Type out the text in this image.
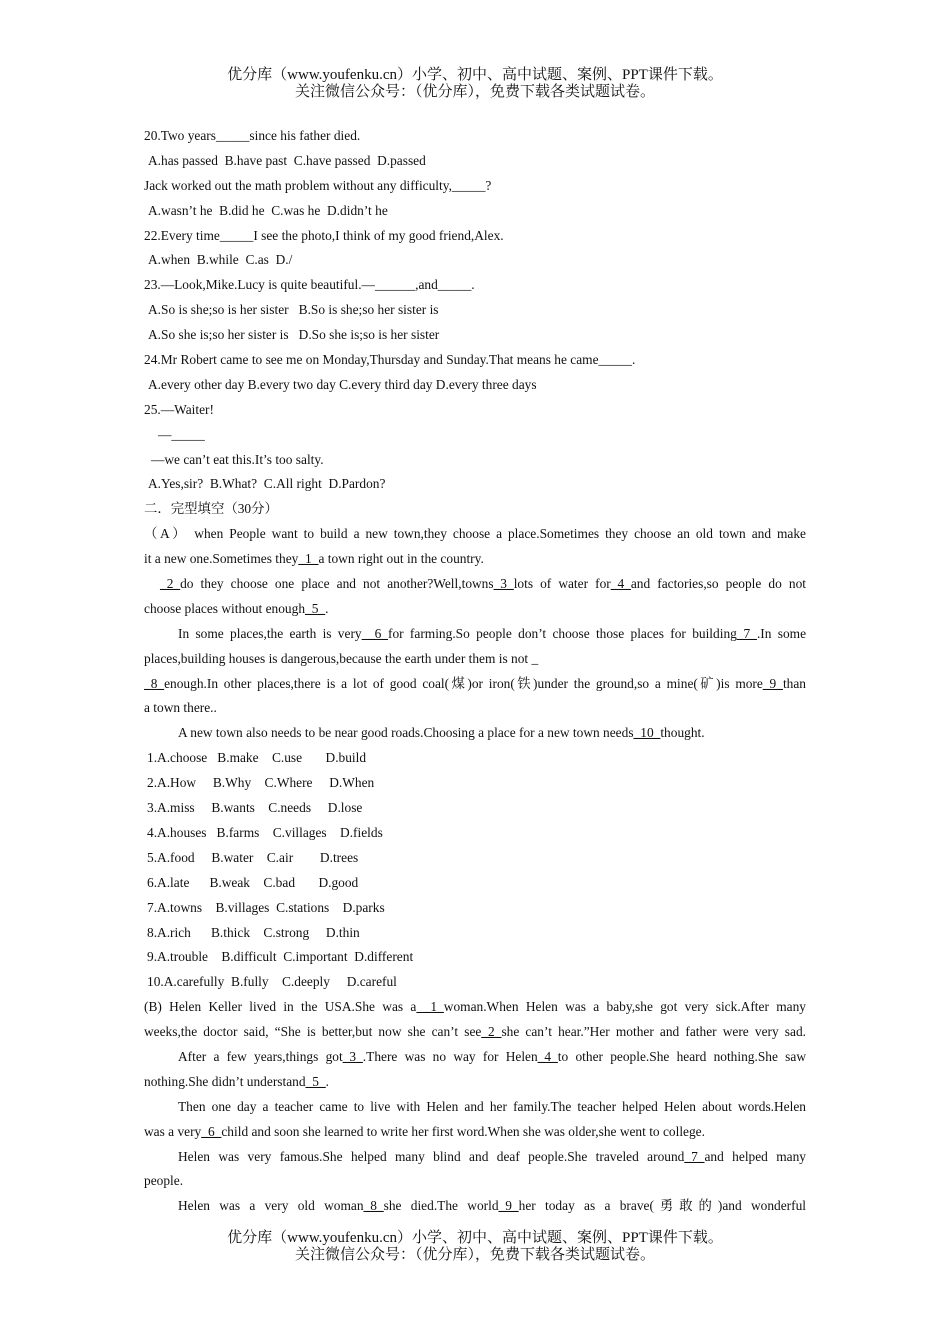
优分库（www.youfenku.cn）小学、初中、高中试题、案例、PPT课件下载。
关注微信公众号：（优分库），免费下载各类试题试卷。
20.Two years_____since his father died.
A.has passed  B.have past  C.have passed  D.passed
Jack worked out the math problem without any difficulty,_____?
A.wasn’t he  B.did he  C.was he  D.didn’t he
22.Every time_____I see the photo,I think of my good friend,Alex.
A.when  B.while  C.as  D./
23.—Look,Mike.Lucy is quite beautiful.—______,and_____.
A.So is she;so is her sister   B.So is she;so her sister is
A.So she is;so her sister is   D.So she is;so is her sister
24.Mr Robert came to see me on Monday,Thursday and Sunday.That means he came_____.
A.every other day B.every two day C.every third day D.every three days
25.—Waiter!
—_____
—we can’t eat this.It’s too salty.
A.Yes,sir?  B.What?  C.All right  D.Pardon?
二．完型填空（30分）
（A） when People want to build a new town,they choose a place.Sometimes they choose an old town and make
it a new one.Sometimes they_1_a town right out in the country.
_2_do they choose one place and not another?Well,towns_3_lots of water for_4_and factories,so people do not
choose places without enough_5_.
In some places,the earth is very _6_for farming.So people don’t choose those places for building_7_.In some
places,building houses is dangerous,because the earth under them is not _
_8_enough.In other places,there is a lot of good coal(煤)or iron(铁)under the ground,so a mine(矿)is more_9_than
a town there..
A new town also needs to be near good roads.Choosing a place for a new town needs_10_thought.
1.A.choose   B.make    C.use       D.build
2.A.How     B.Why    C.Where     D.When
3.A.miss     B.wants    C.needs     D.lose
4.A.houses   B.farms    C.villages    D.fields
5.A.food     B.water    C.air        D.trees
6.A.late      B.weak    C.bad       D.good
7.A.towns    B.villages  C.stations    D.parks
8.A.rich      B.thick    C.strong     D.thin
9.A.trouble    B.difficult  C.important  D.different
10.A.carefully  B.fully    C.deeply     D.careful
(B) Helen Keller lived in the USA.She was a _1_woman.When Helen was a baby,she got very sick.After many
weeks,the doctor said, “She is better,but now she can’t see_2_she can’t hear.”Her mother and father were very sad.
After a few years,things got_3_.There was no way for Helen_4_to other people.She heard nothing.She saw
nothing.She didn’t understand_5_.
Then one day a teacher came to live with Helen and her family.The teacher helped Helen about words.Helen
was a very_6_child and soon she learned to write her first word.When she was older,she went to college.
Helen was very famous.She helped many blind and deaf people.She traveled around_7_and helped many
people.
Helen was a very old woman_8_she died.The world_9_her today as a brave(勇敢的)and wonderful
优分库（www.youfenku.cn）小学、初中、高中试题、案例、PPT课件下载。
关注微信公众号：（优分库），免费下载各类试题试卷。
